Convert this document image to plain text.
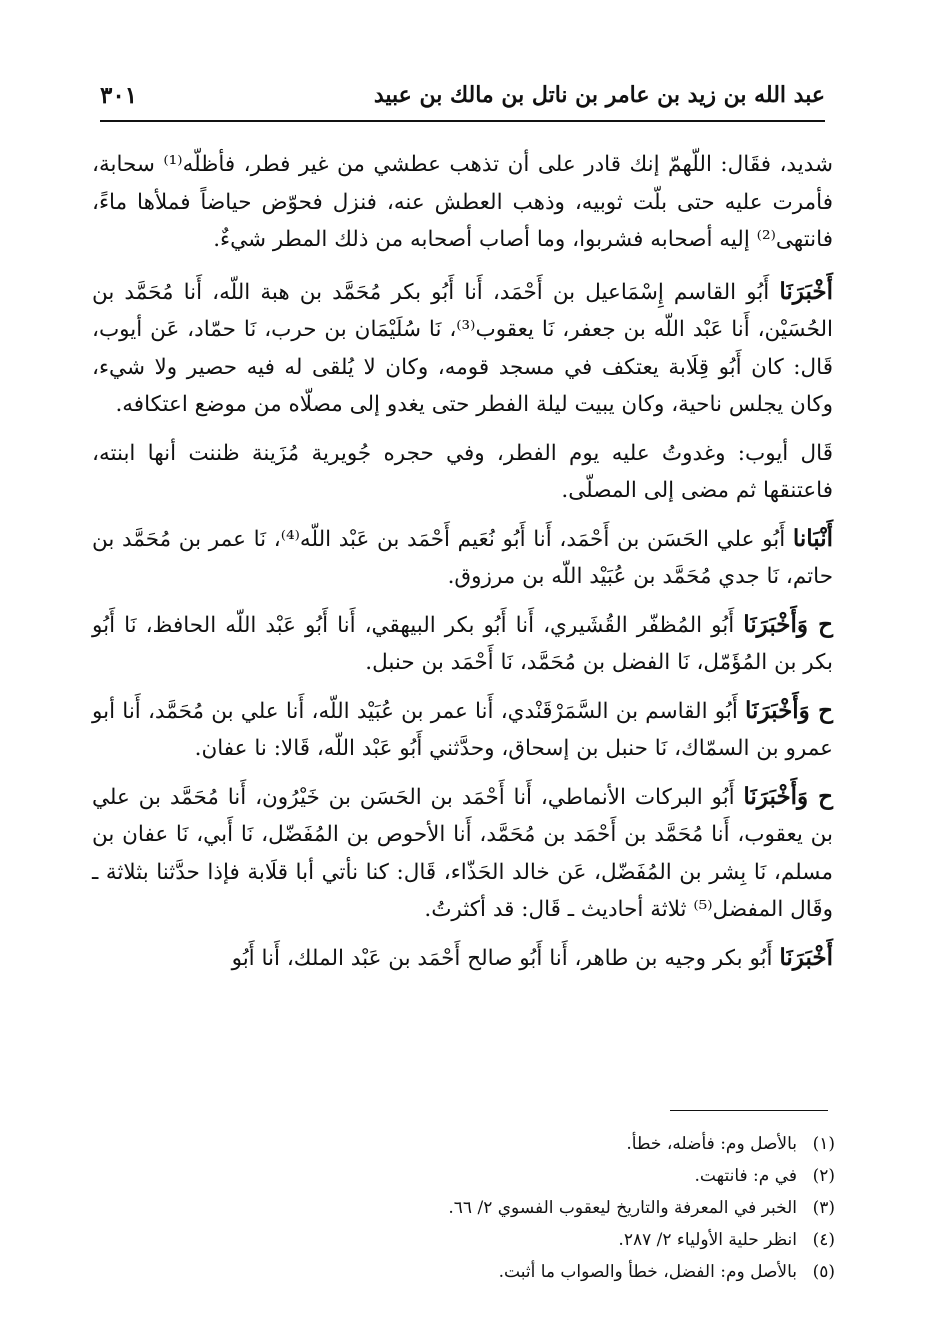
عبد الله بن زيد بن عامر بن ناتل بن مالك بن عبيد
٣٠١

شديد، فقَال: اللّهمّ إنك قادر على أن تذهب عطشي من غير فطر، فأظلّه⁽¹⁾ سحابة، فأمرت عليه حتى بلّت ثوبيه، وذهب العطش عنه، فنزل فحوّض حياضاً فملأها ماءً، فانتهى⁽²⁾ إليه أصحابه فشربوا، وما أصاب أصحابه من ذلك المطر شيءٌ.

أَخْبَرَنَا أَبُو القاسم إِسْمَاعيل بن أَحْمَد، أَنا أَبُو بكر مُحَمَّد بن هبة اللّه، أَنا مُحَمَّد بن الحُسَيْن، أَنا عَبْد اللّه بن جعفر، نَا يعقوب⁽³⁾، نَا سُلَيْمَان بن حرب، نَا حمّاد، عَن أيوب، قَال: كان أَبُو قِلَابة يعتكف في مسجد قومه، وكان لا يُلقى له فيه حصير ولا شيء، وكان يجلس ناحية، وكان يبيت ليلة الفطر حتى يغدو إلى مصلّاه من موضع اعتكافه.

قَال أيوب: وغدوتُ عليه يوم الفطر، وفي حجره جُويرية مُزَينة ظننت أنها ابنته، فاعتنقها ثم مضى إلى المصلّى.

أَنْبَانا أَبُو علي الحَسَن بن أَحْمَد، أَنا أَبُو نُعَيم أَحْمَد بن عَبْد اللّه⁽⁴⁾، نَا عمر بن مُحَمَّد بن حاتم، نَا جدي مُحَمَّد بن عُبَيْد اللّه بن مرزوق.

ح وَأَخْبَرَنَا أَبُو المُظفّر القُشَيري، أَنا أَبُو بكر البيهقي، أَنا أَبُو عَبْد اللّه الحافظ، نَا أَبُو بكر بن المُؤَمّل، نَا الفضل بن مُحَمَّد، نَا أَحْمَد بن حنبل.

ح وَأَخْبَرَنَا أَبُو القاسم بن السَّمَرْقَنْدي، أَنا عمر بن عُبَيْد اللّه، أَنا علي بن مُحَمَّد، أَنا أبو عمرو بن السمّاك، نَا حنبل بن إسحاق، وحدَّثني أَبُو عَبْد اللّه، قَالا: نا عفان.

ح وَأَخْبَرَنَا أَبُو البركات الأنماطي، أَنا أَحْمَد بن الحَسَن بن خَيْرُون، أَنا مُحَمَّد بن علي بن يعقوب، أَنا مُحَمَّد بن أَحْمَد بن مُحَمَّد، أَنا الأحوص بن المُفَضّل، نَا أَبي، نَا عفان بن مسلم، نَا بِشر بن المُفَضّل، عَن خالد الحَذّاء، قَال: كنا نأتي أبا قلَابة فإذا حدَّثنا بثلاثة ـ وقَال المفضل⁽⁵⁾ ثلاثة أحاديث ـ قَال: قد أكثرتُ.

أَخْبَرَنَا أَبُو بكر وجيه بن طاهر، أَنا أَبُو صالح أَحْمَد بن عَبْد الملك، أَنا أَبُو

(١)بالأصل وم: فأضله، خطأ.
(٢)في م: فانتهت.
(٣)الخبر في المعرفة والتاريخ ليعقوب الفسوي ٢/ ٦٦.
(٤)انظر حلية الأولياء ٢/ ٢٨٧.
(٥)بالأصل وم: الفضل، خطأ والصواب ما أثبت.
